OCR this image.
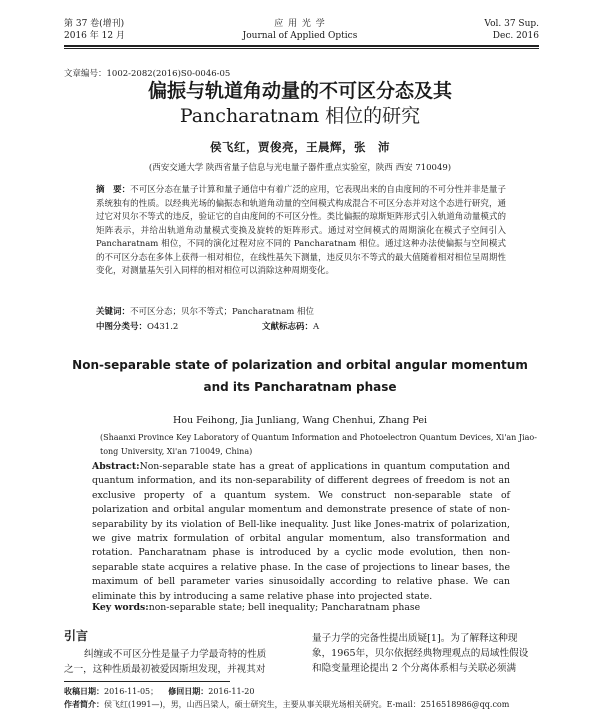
第 37 卷(增刊)
2016 年 12 月
应 用 光 学
Journal of Applied Optics
Vol. 37 Sup.
Dec. 2016
文章编号：1002-2082(2016)S0-0046-05
偏振与轨道角动量的不可区分态及其
Pancharatnam 相位的研究
侯飞红，贾俊亮，王晨辉，张　沛
(西安交通大学 陕西省量子信息与光电量子器件重点实验室，陕西 西安 710049)
摘　要：不可区分态在量子计算和量子通信中有着广泛的应用，它表现出来的自由度间的不可分性并非是量子系统独有的性质。以经典光场的偏振态和轨道角动量的空间模式构成混合不可区分态并对这个态进行研究，通过它对贝尔不等式的违反，验证它的自由度间的不可区分性。类比偏振的琼斯矩阵形式引入轨道角动量模式的矩阵表示，并给出轨道角动量模式变换及旋转的矩阵形式。通过对空间模式的周期演化在模式子空间引入 Pancharatnam 相位，不同的演化过程对应不同的 Pancharatnam 相位。通过这种办法使偏振与空间模式的不可区分态在多体上获得一相对相位，在线性基矢下测量，违反贝尔不等式的最大值随着相对相位呈周期性变化，对测量基矢引入同样的相对相位可以消除这种周期变化。
关键词：不可区分态；贝尔不等式；Pancharatnam 相位
中图分类号：O431.2	文献标志码：A
Non-separable state of polarization and orbital angular momentum
and its Pancharatnam phase
Hou Feihong, Jia Junliang, Wang Chenhui, Zhang Pei
(Shaanxi Province Key Laboratory of Quantum Information and Photoelectron Quantum Devices, Xi'an Jiao-
tong University, Xi'an 710049, China)
Abstract:Non-separable state has a great of applications in quantum computation and quantum information, and its non-separability of different degrees of freedom is not an exclusive property of a quantum system. We construct non-separable state of polarization and orbital angular momentum and demonstrate presence of state of non-separability by its violation of Bell-like inequality. Just like Jones-matrix of polarization, we give matrix formulation of orbital angular momentum, also transformation and rotation. Pancharatnam phase is introduced by a cyclic mode evolution, then non-separable state acquires a relative phase. In the case of projections to linear bases, the maximum of bell parameter varies sinusoidally according to relative phase. We can eliminate this by introducing a same relative phase into projected state.
Key words:non-separable state; bell inequality; Pancharatnam phase
引言
纠缠或不可区分性是量子力学最奇特的性质
之一，这种性质最初被爱因斯坦发现，并视其对
量子力学的完备性提出质疑[1]。为了解释这种现
象，1965年，贝尔依据经典物理观点的局域性假设
和隐变量理论提出 2 个分离体系相与关联必须满
收稿日期：2016-11-05； 修回日期：2016-11-20
作者简介：侯飞红(1991—)，男，山西吕梁人，硕士研究生，主要从事关联光场相关研究。E-mail：2516518986@qq.com
